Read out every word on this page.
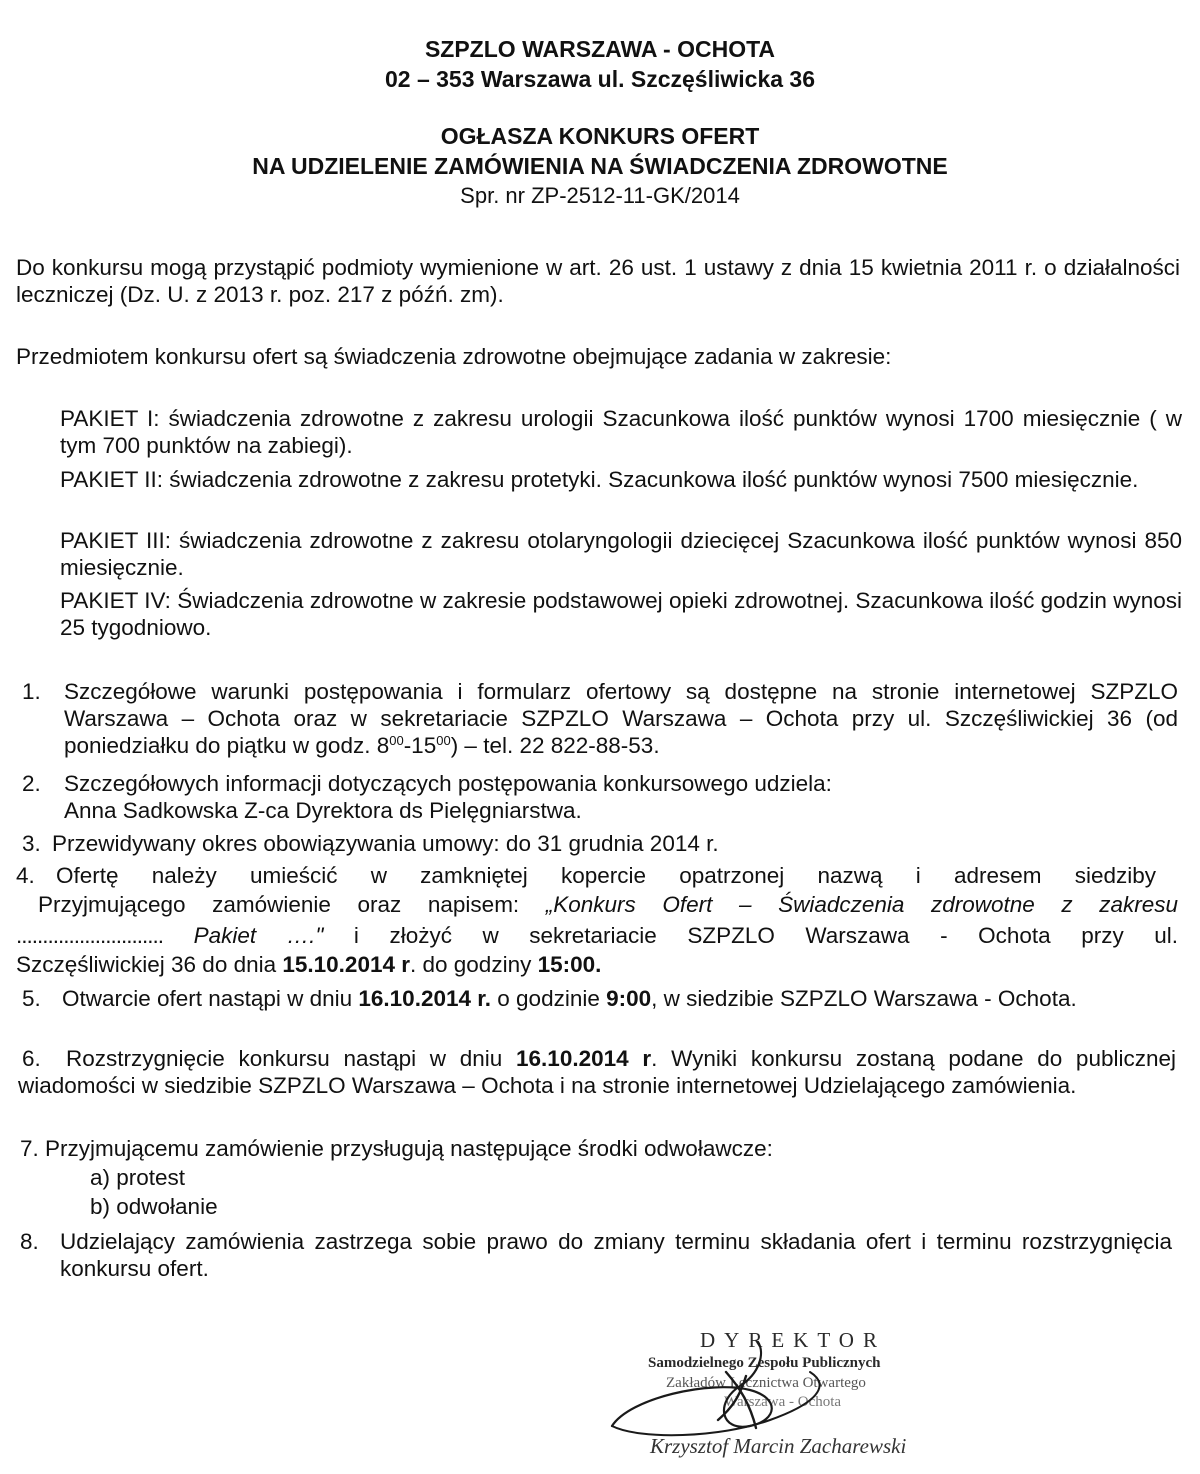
SZPZLO WARSZAWA - OCHOTA
02 – 353 Warszawa ul. Szczęśliwicka 36
OGŁASZA KONKURS OFERT
NA UDZIELENIE ZAMÓWIENIA NA ŚWIADCZENIA ZDROWOTNE
Spr. nr ZP-2512-11-GK/2014
Do konkursu mogą przystąpić podmioty wymienione w art. 26 ust. 1 ustawy z dnia 15 kwietnia 2011 r. o działalności leczniczej (Dz. U. z 2013 r. poz. 217 z późń. zm).
Przedmiotem konkursu ofert są świadczenia zdrowotne obejmujące zadania w zakresie:
PAKIET I: świadczenia zdrowotne z zakresu urologii Szacunkowa ilość punktów wynosi 1700 miesięcznie ( w tym 700 punktów na zabiegi).
PAKIET II: świadczenia zdrowotne z zakresu protetyki. Szacunkowa ilość punktów wynosi 7500 miesięcznie.
PAKIET III: świadczenia zdrowotne z zakresu otolaryngologii dziecięcej Szacunkowa ilość punktów wynosi 850 miesięcznie.
PAKIET IV: Świadczenia zdrowotne w zakresie podstawowej opieki zdrowotnej. Szacunkowa ilość godzin wynosi 25 tygodniowo.
1. Szczegółowe warunki postępowania i formularz ofertowy są dostępne na stronie internetowej SZPZLO Warszawa – Ochota oraz w sekretariacie SZPZLO Warszawa – Ochota przy ul. Szczęśliwickiej 36 (od poniedziałku do piątku w godz. $8^{00}-15^{00}$) – tel. 22 822-88-53.
2. Szczegółowych informacji dotyczących postępowania konkursowego udziela:
Anna Sadkowska Z-ca Dyrektora ds Pielęgniarstwa.
3. Przewidywany okres obowiązywania umowy: do 31 grudnia 2014 r.
4. Ofertę należy umieścić w zamkniętej kopercie opatrzonej nazwą i adresem siedziby
Przyjmującego zamówienie oraz napisem: „Konkurs Ofert – Świadczenia zdrowotne z zakresu
............................ Pakiet …." i złożyć w sekretariacie SZPZLO Warszawa - Ochota przy ul.
Szczęśliwickiej 36 do dnia 15.10.2014 r. do godziny 15:00.
5. Otwarcie ofert nastąpi w dniu 16.10.2014 r. o godzinie 9:00, w siedzibie SZPZLO Warszawa - Ochota.
6.	Rozstrzygnięcie konkursu nastąpi w dniu 16.10.2014 r. Wyniki konkursu zostaną podane do publicznej wiadomości w siedzibie SZPZLO Warszawa – Ochota i na stronie internetowej Udzielającego zamówienia.
7. Przyjmującemu zamówienie przysługują następujące środki odwoławcze:
a) protest
b) odwołanie
8. Udzielający zamówienia zastrzega sobie prawo do zmiany terminu składania ofert i terminu rozstrzygnięcia konkursu ofert.
DYREKTOR
Samodzielnego Zespołu Publicznych
Zakładów Lecznictwa Otwartego
Warszawa - Ochota
Krzysztof Marcin Zacharewski
